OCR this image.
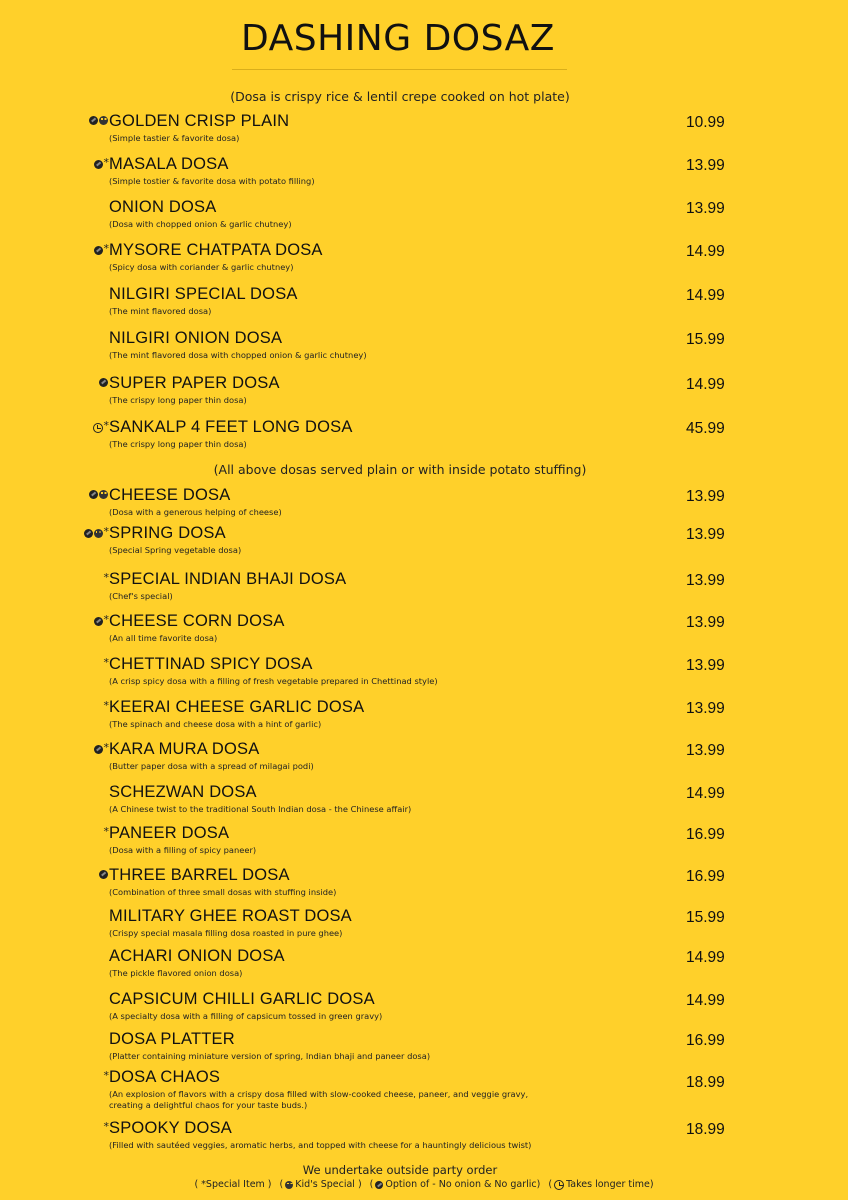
DASHING DOSAZ
(Dosa is crispy rice & lentil crepe cooked on hot plate)
(All above dosas served plain or with inside potato stuffing)
GOLDEN CRISP PLAIN
(Simple tastier & favorite dosa)
10.99
* MASALA DOSA
(Simple tostier & favorite dosa with potato filling)
13.99
ONION DOSA
(Dosa with chopped onion & garlic chutney)
13.99
* MYSORE CHATPATA DOSA
(Spicy dosa with coriander & garlic chutney)
14.99
NILGIRI SPECIAL DOSA
(The mint flavored dosa)
14.99
NILGIRI ONION DOSA
(The mint flavored dosa with chopped onion & garlic chutney)
15.99
SUPER PAPER DOSA
(The crispy long paper thin dosa)
14.99
* SANKALP 4 FEET LONG DOSA
(The crispy long paper thin dosa)
45.99
CHEESE DOSA
(Dosa with a generous helping of cheese)
13.99
* SPRING DOSA
(Special Spring vegetable dosa)
13.99
* SPECIAL INDIAN BHAJI DOSA
(Chef's special)
13.99
* CHEESE CORN DOSA
(An all time favorite dosa)
13.99
* CHETTINAD SPICY DOSA
(A crisp spicy dosa with a filling of fresh vegetable prepared in Chettinad style)
13.99
* KEERAI CHEESE GARLIC DOSA
(The spinach and cheese dosa with a hint of garlic)
13.99
* KARA MURA DOSA
(Butter paper dosa with a spread of milagai podi)
13.99
SCHEZWAN DOSA
(A Chinese twist to the traditional South Indian dosa - the Chinese affair)
14.99
* PANEER DOSA
(Dosa with a filling of spicy paneer)
16.99
THREE BARREL DOSA
(Combination of three small dosas with stuffing inside)
16.99
MILITARY GHEE ROAST DOSA
(Crispy special masala filling dosa roasted in pure ghee)
15.99
ACHARI ONION DOSA
(The pickle flavored onion dosa)
14.99
CAPSICUM CHILLI GARLIC DOSA
(A specialty dosa with a filling of capsicum tossed in green gravy)
14.99
DOSA PLATTER
(Platter containing miniature version of spring, Indian bhaji and paneer dosa)
16.99
* DOSA CHAOS
(An explosion of flavors with a crispy dosa filled with slow-cooked cheese, paneer, and veggie gravy,
creating a delightful chaos for your taste buds.)
18.99
* SPOOKY DOSA
(Filled with sautéed veggies, aromatic herbs, and topped with cheese for a hauntingly delicious twist)
18.99
We undertake outside party order
( *Special Item ) ( Kid's Special ) ( Option of - No onion & No garlic) ( Takes longer time)
